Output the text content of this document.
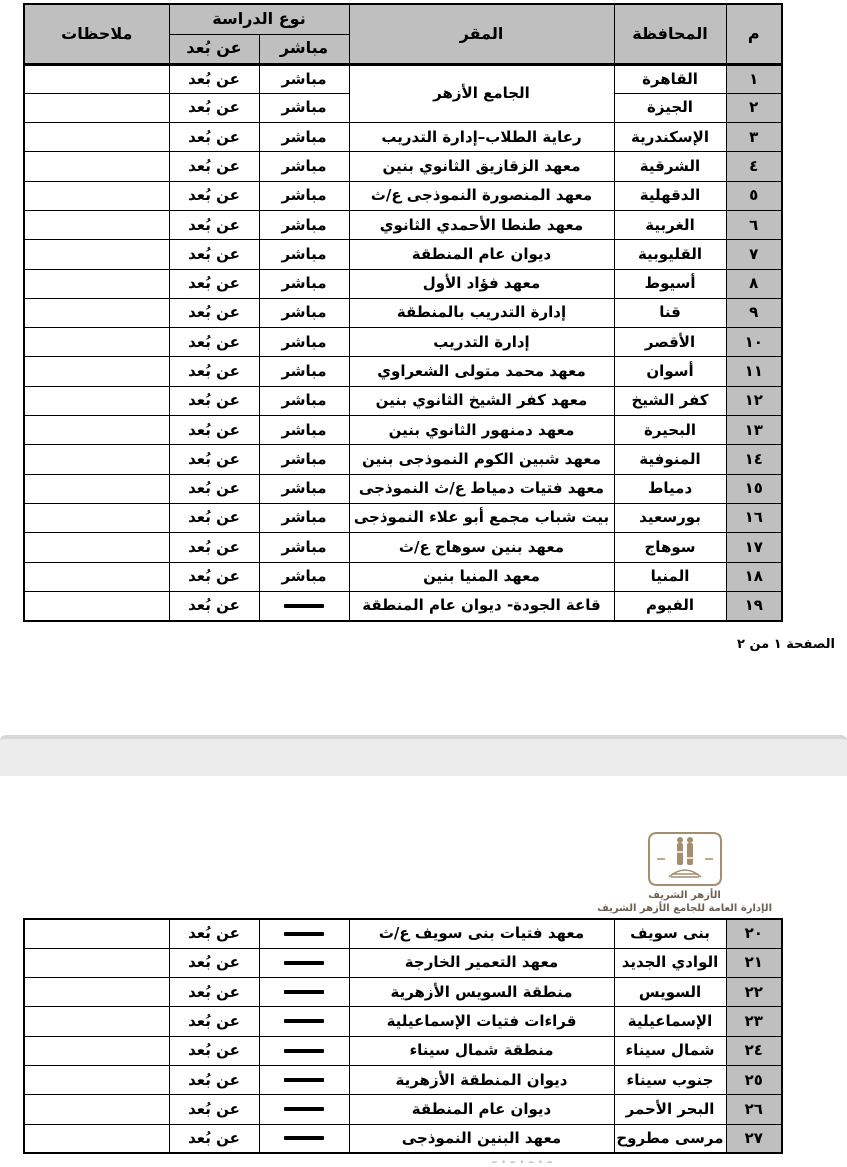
م	المحافظة	المقر	نوع الدراسة		ملاحظات
			مباشر	عن بُعد	
١	القاهرة	الجامع الأزهر	مباشر	عن بُعد	
٢	الجيزة		مباشر	عن بُعد	
٣	الإسكندرية	رعاية الطلاب–إدارة التدريب	مباشر	عن بُعد	
٤	الشرقية	معهد الزقازيق الثانوي بنين	مباشر	عن بُعد	
٥	الدقهلية	معهد المنصورة النموذجى ع/ث	مباشر	عن بُعد	
٦	الغربية	معهد طنطا الأحمدي الثانوي	مباشر	عن بُعد	
٧	القليوبية	ديوان عام المنطقة	مباشر	عن بُعد	
٨	أسيوط	معهد فؤاد الأول	مباشر	عن بُعد	
٩	قنا	إدارة التدريب بالمنطقة	مباشر	عن بُعد	
١٠	الأقصر	إدارة التدريب	مباشر	عن بُعد	
١١	أسوان	معهد محمد متولى الشعراوي	مباشر	عن بُعد	
١٢	كفر الشيخ	معهد كفر الشيخ الثانوي بنين	مباشر	عن بُعد	
١٣	البحيرة	معهد دمنهور الثانوي بنين	مباشر	عن بُعد	
١٤	المنوفية	معهد شبين الكوم النموذجى بنين	مباشر	عن بُعد	
١٥	دمياط	معهد فتيات دمياط ع/ث النموذجى	مباشر	عن بُعد	
١٦	بورسعيد	بيت شباب مجمع أبو علاء النموذجى	مباشر	عن بُعد	
١٧	سوهاج	معهد بنين سوهاج ع/ث	مباشر	عن بُعد	
١٨	المنيا	معهد المنيا بنين	مباشر	عن بُعد	
١٩	الفيوم	قاعة الجودة- ديوان عام المنطقة		عن بُعد	
الصفحة ١ من ٢
الأزهر الشريف
الإدارة العامة للجامع الأزهر الشريف
٢٠	بنى سويف	معهد فتيات بنى سويف ع/ث		عن بُعد	
٢١	الوادي الجديد	معهد التعمير الخارجة		عن بُعد	
٢٢	السويس	منطقة السويس الأزهرية		عن بُعد	
٢٣	الإسماعيلية	قراءات فتيات الإسماعيلية		عن بُعد	
٢٤	شمال سيناء	منطقة شمال سيناء		عن بُعد	
٢٥	جنوب سيناء	ديوان المنطقة الأزهرية		عن بُعد	
٢٦	البحر الأحمر	ديوان عام المنطقة		عن بُعد	
٢٧	مرسى مطروح	معهد البنين النموذجى		عن بُعد	
ـ . ـ . ـ . ـ
